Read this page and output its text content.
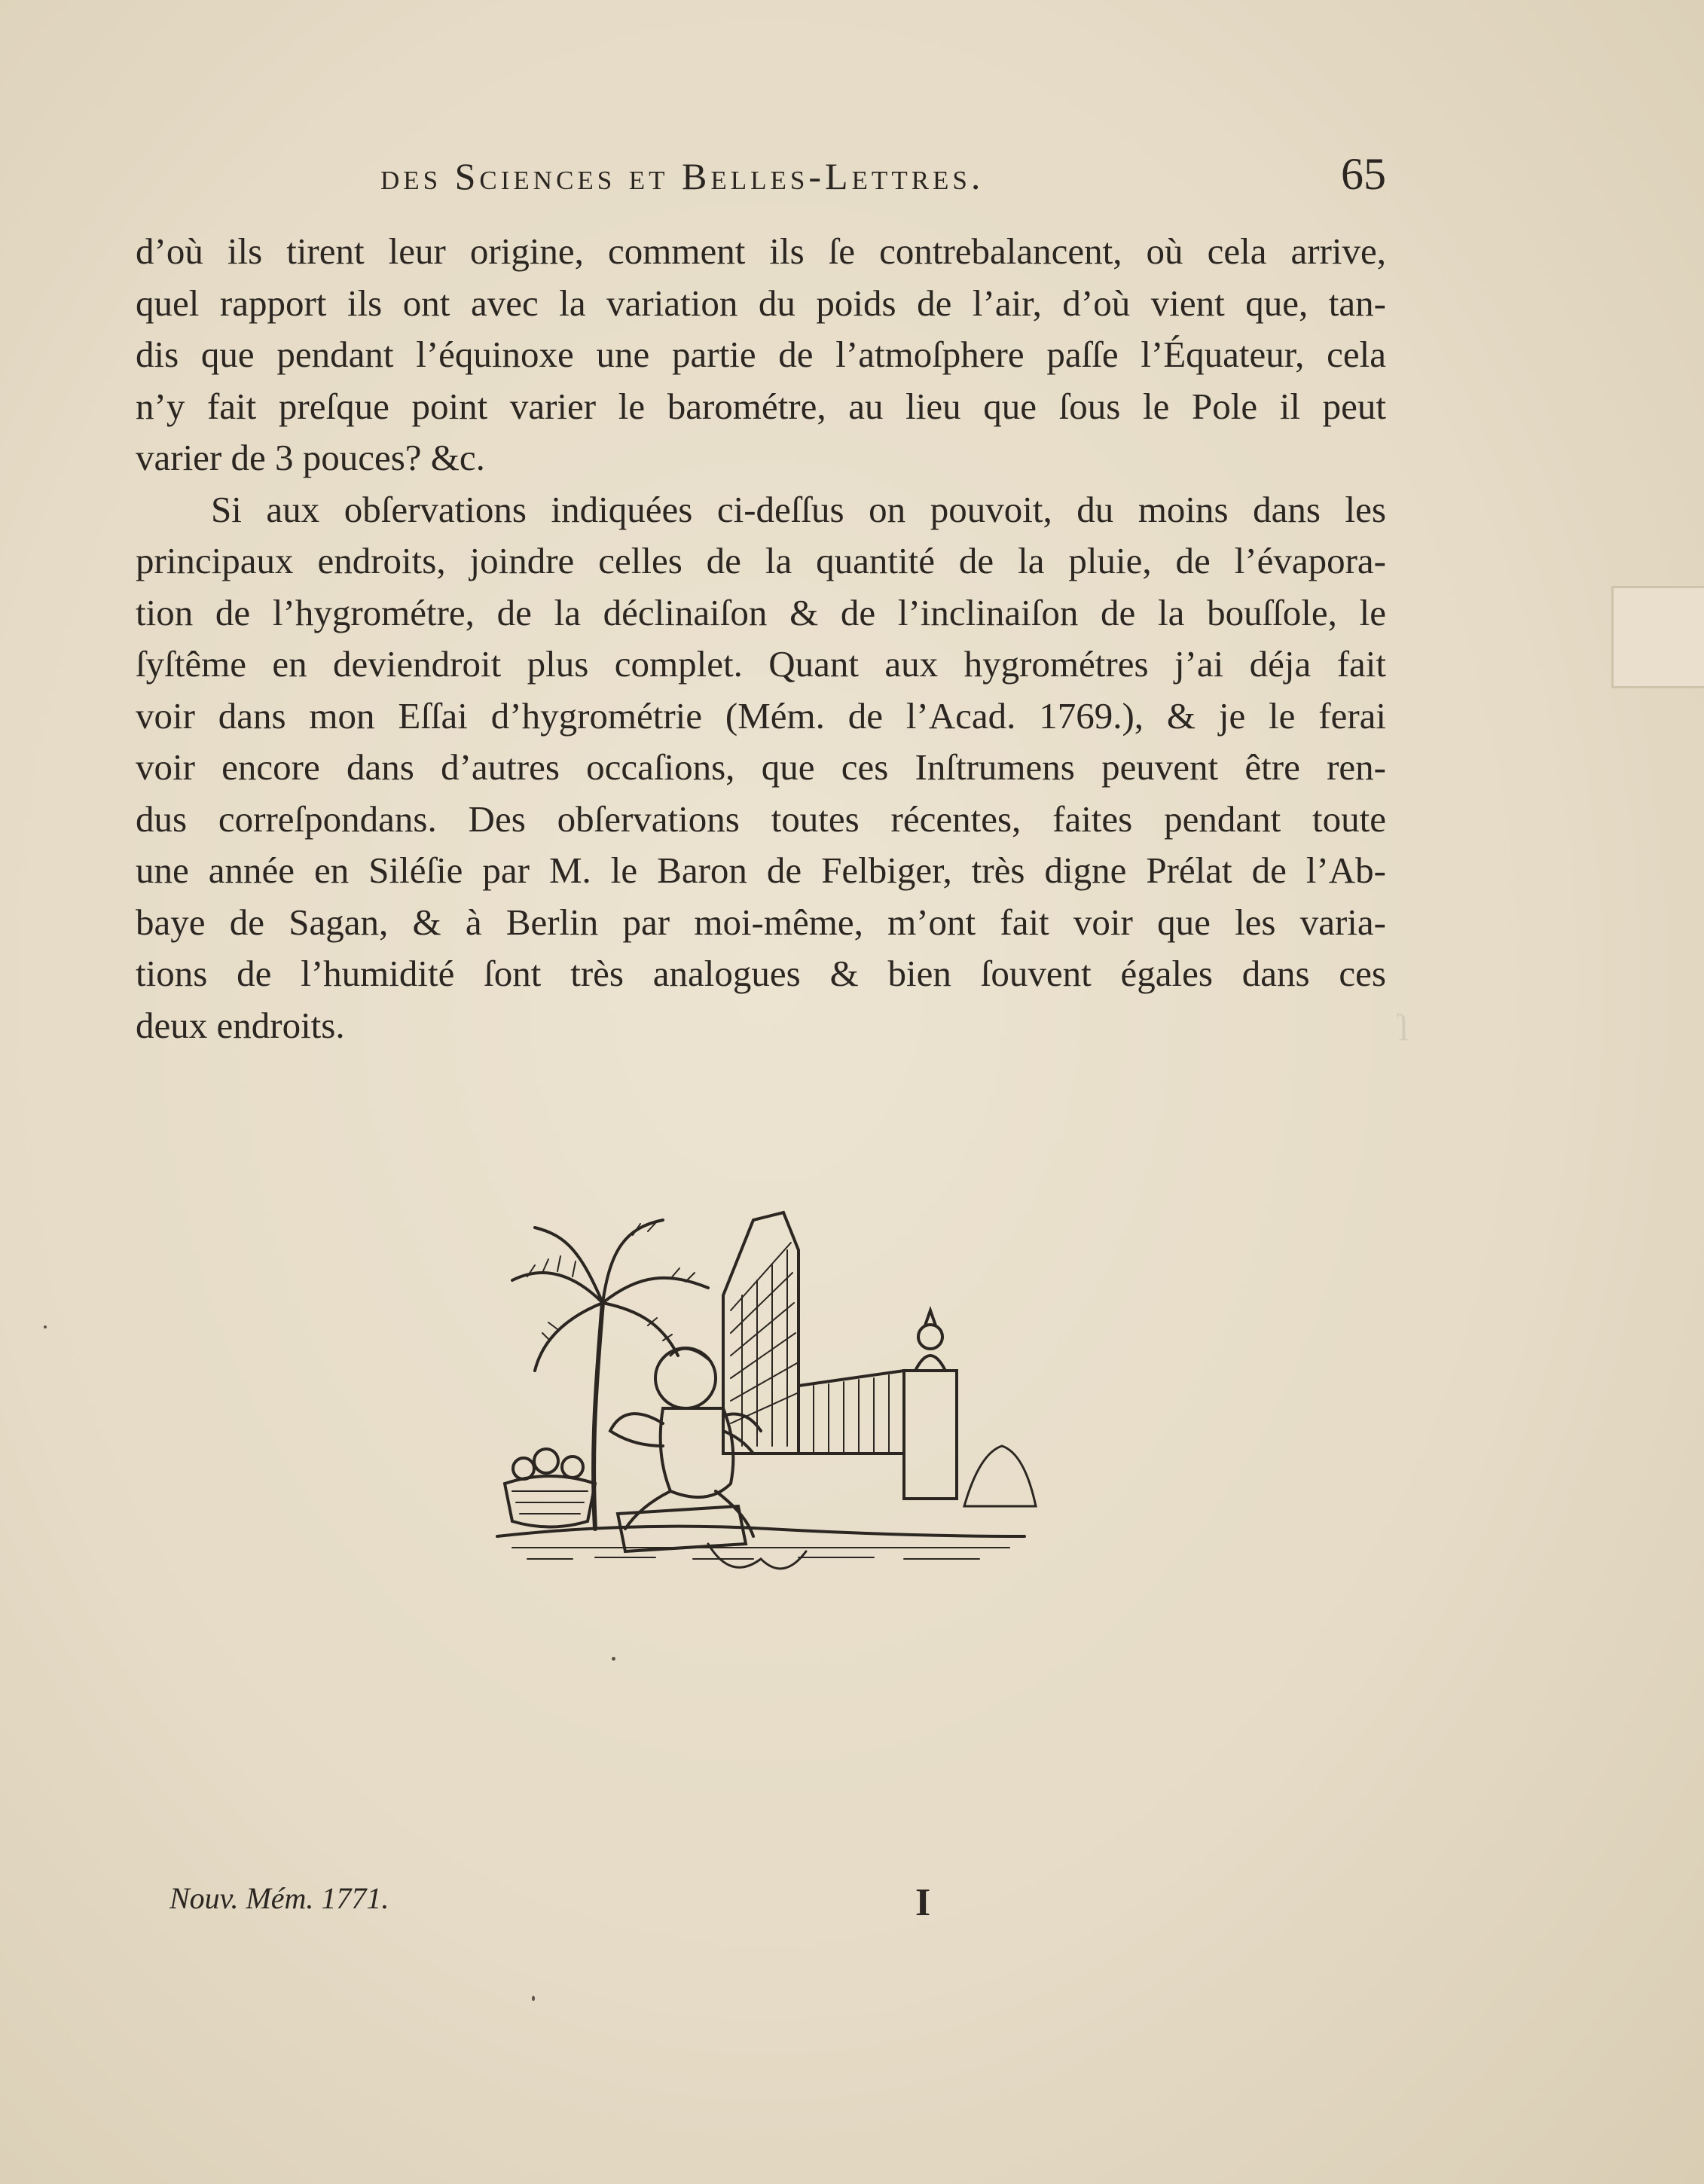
​ſ
des Sciences et Belles-Lettres.	65

d’où ils tirent leur origine, comment ils ſe contrebalancent, où cela arrive,
quel rapport ils ont avec la variation du poids de l’air, d’où vient que, tan-
dis que pendant l’équinoxe une partie de l’atmoſphere paſſe l’Équateur, cela
n’y fait preſque point varier le barométre, au lieu que ſous le Pole il peut
varier de 3 pouces? &c.

Si aux obſervations indiquées ci-deſſus on pouvoit, du moins dans les
principaux endroits, joindre celles de la quantité de la pluie, de l’évapora-
tion de l’hygrométre, de la déclinaiſon & de l’inclinaiſon de la bouſſole, le
ſyſtême en deviendroit plus complet. Quant aux hygrométres j’ai déja fait
voir dans mon Eſſai d’hygrométrie (Mém. de l’Acad. 1769.), & je le ferai
voir encore dans d’autres occaſions, que ces Inſtrumens peuvent être ren-
dus correſpondans. Des obſervations toutes récentes, faites pendant toute
une année en Siléſie par M. le Baron de Felbiger, très digne Prélat de l’Ab-
baye de Sagan, & à Berlin par moi-même, m’ont fait voir que les varia-
tions de l’humidité ſont très analogues & bien ſouvent égales dans ces
deux endroits.

Nouv. Mém. 1771.	I
